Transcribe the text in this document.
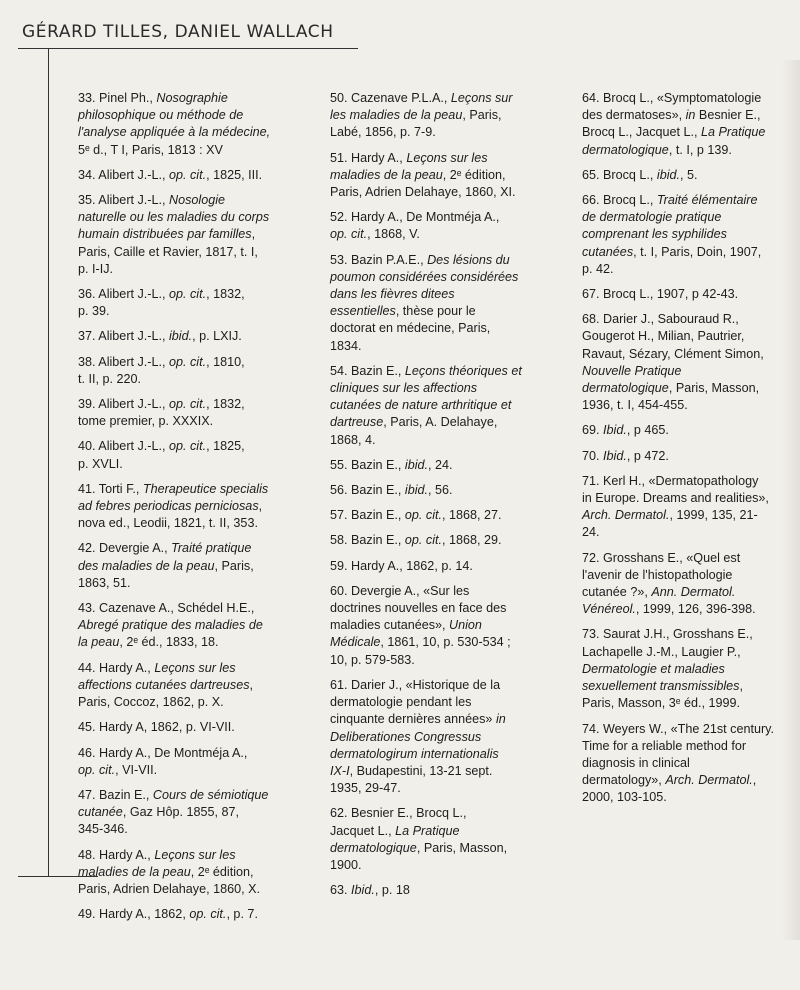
GÉRARD TILLES, DANIEL WALLACH
33. Pinel Ph., Nosographie
philosophique ou méthode de
l'analyse appliquée à la médecine,
5ᵉ d., T I, Paris, 1813 : XV
34. Alibert J.-L., op. cit., 1825, III.
35. Alibert J.-L., Nosologie
naturelle ou les maladies du corps
humain distribuées par familles,
Paris, Caille et Ravier, 1817, t. I,
p. I-IJ.
36. Alibert J.-L., op. cit., 1832,
p. 39.
37. Alibert J.-L., ibid., p. LXIJ.
38. Alibert J.-L., op. cit., 1810,
t. II, p. 220.
39. Alibert J.-L., op. cit., 1832,
tome premier, p. XXXIX.
40. Alibert J.-L., op. cit., 1825,
p. XVLI.
41. Torti F., Therapeutice specialis
ad febres periodicas perniciosas,
nova ed., Leodii, 1821, t. II, 353.
42. Devergie A., Traité pratique
des maladies de la peau, Paris,
1863, 51.
43. Cazenave A., Schédel H.E.,
Abregé pratique des maladies de
la peau, 2ᵉ éd., 1833, 18.
44. Hardy A., Leçons sur les
affections cutanées dartreuses,
Paris, Coccoz, 1862, p. X.
45. Hardy A, 1862, p. VI-VII.
46. Hardy A., De Montméja A.,
op. cit., VI-VII.
47. Bazin E., Cours de sémiotique
cutanée, Gaz Hôp. 1855, 87,
345-346.
48. Hardy A., Leçons sur les
maladies de la peau, 2ᵉ édition,
Paris, Adrien Delahaye, 1860, X.
49. Hardy A., 1862, op. cit., p. 7.
50. Cazenave P.L.A., Leçons sur
les maladies de la peau, Paris,
Labé, 1856, p. 7-9.
51. Hardy A., Leçons sur les
maladies de la peau, 2ᵉ édition,
Paris, Adrien Delahaye, 1860, XI.
52. Hardy A., De Montméja A.,
op. cit., 1868, V.
53. Bazin P.A.E., Des lésions du
poumon considérées considérées
dans les fièvres ditees
essentielles, thèse pour le
doctorat en médecine, Paris,
1834.
54. Bazin E., Leçons théoriques et
cliniques sur les affections
cutanées de nature arthritique et
dartreuse, Paris, A. Delahaye,
1868, 4.
55. Bazin E., ibid., 24.
56. Bazin E., ibid., 56.
57. Bazin E., op. cit., 1868, 27.
58. Bazin E., op. cit., 1868, 29.
59. Hardy A., 1862, p. 14.
60. Devergie A., «Sur les
doctrines nouvelles en face des
maladies cutanées», Union
Médicale, 1861, 10, p. 530-534 ;
10, p. 579-583.
61. Darier J., «Historique de la
dermatologie pendant les
cinquante dernières années» in
Deliberationes Congressus
dermatologirum internationalis
IX-I, Budapestini, 13-21 sept.
1935, 29-47.
62. Besnier E., Brocq L.,
Jacquet L., La Pratique
dermatologique, Paris, Masson,
1900.
63. Ibid., p. 18
64. Brocq L., «Symptomatologie
des dermatoses», in Besnier E.,
Brocq L., Jacquet L., La Pratique
dermatologique, t. I, p 139.
65. Brocq L., ibid., 5.
66. Brocq L., Traité élémentaire
de dermatologie pratique
comprenant les syphilides
cutanées, t. I, Paris, Doin, 1907,
p. 42.
67. Brocq L., 1907, p 42-43.
68. Darier J., Sabouraud R.,
Gougerot H., Milian, Pautrier,
Ravaut, Sézary, Clément Simon,
Nouvelle Pratique
dermatologique, Paris, Masson,
1936, t. I, 454-455.
69. Ibid., p 465.
70. Ibid., p 472.
71. Kerl H., «Dermatopathology
in Europe. Dreams and realities»,
Arch. Dermatol., 1999, 135, 21-
24.
72. Grosshans E., «Quel est
l'avenir de l'histopathologie
cutanée ?», Ann. Dermatol.
Vénéreol., 1999, 126, 396-398.
73. Saurat J.H., Grosshans E.,
Lachapelle J.-M., Laugier P.,
Dermatologie et maladies
sexuellement transmissibles,
Paris, Masson, 3ᵉ éd., 1999.
74. Weyers W., «The 21st century.
Time for a reliable method for
diagnosis in clinical
dermatology», Arch. Dermatol.,
2000, 103-105.
